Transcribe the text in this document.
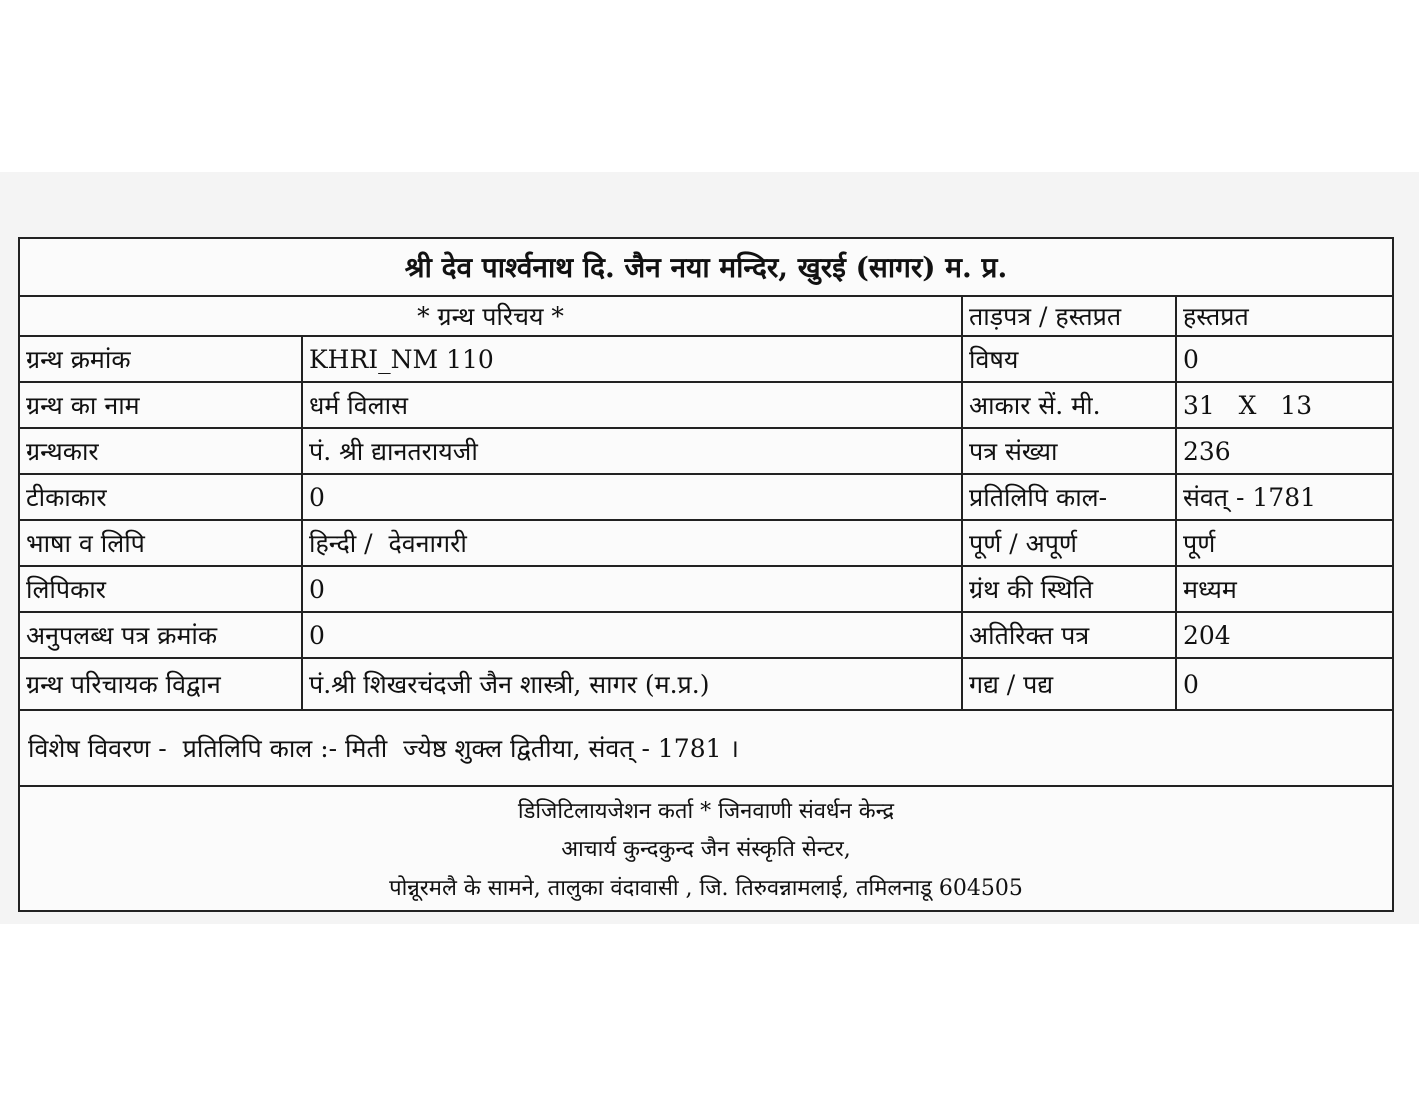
श्री देव पार्श्वनाथ दि. जैन नया मन्दिर, खुरई (सागर) म. प्र.
* ग्रन्थ परिचय *	ताड़पत्र / हस्तप्रत	हस्तप्रत
ग्रन्थ क्रमांक	KHRI_NM 110	विषय	0
ग्रन्थ का नाम	धर्म विलास	आकार सें. मी.	31   X   13
ग्रन्थकार	पं. श्री द्यानतरायजी	पत्र संख्या	236
टीकाकार	0	प्रतिलिपि काल-	संवत् - 1781
भाषा व लिपि	हिन्दी /  देवनागरी	पूर्ण / अपूर्ण	पूर्ण
लिपिकार	0	ग्रंथ की स्थिति	मध्यम
अनुपलब्ध पत्र क्रमांक	0	अतिरिक्त पत्र	204
ग्रन्थ परिचायक विद्वान	पं.श्री शिखरचंदजी जैन शास्त्री, सागर (म.प्र.)	गद्य / पद्य	0
विशेष विवरण -  प्रतिलिपि काल :- मिती  ज्येष्ठ शुक्ल द्वितीया, संवत् - 1781 ।
डिजिटिलायजेशन कर्ता * जिनवाणी संवर्धन केन्द्र
आचार्य कुन्दकुन्द जैन संस्कृति सेन्टर,
पोन्नूरमलै के सामने, तालुका वंदावासी , जि. तिरुवन्नामलाई, तमिलनाडू 604505
